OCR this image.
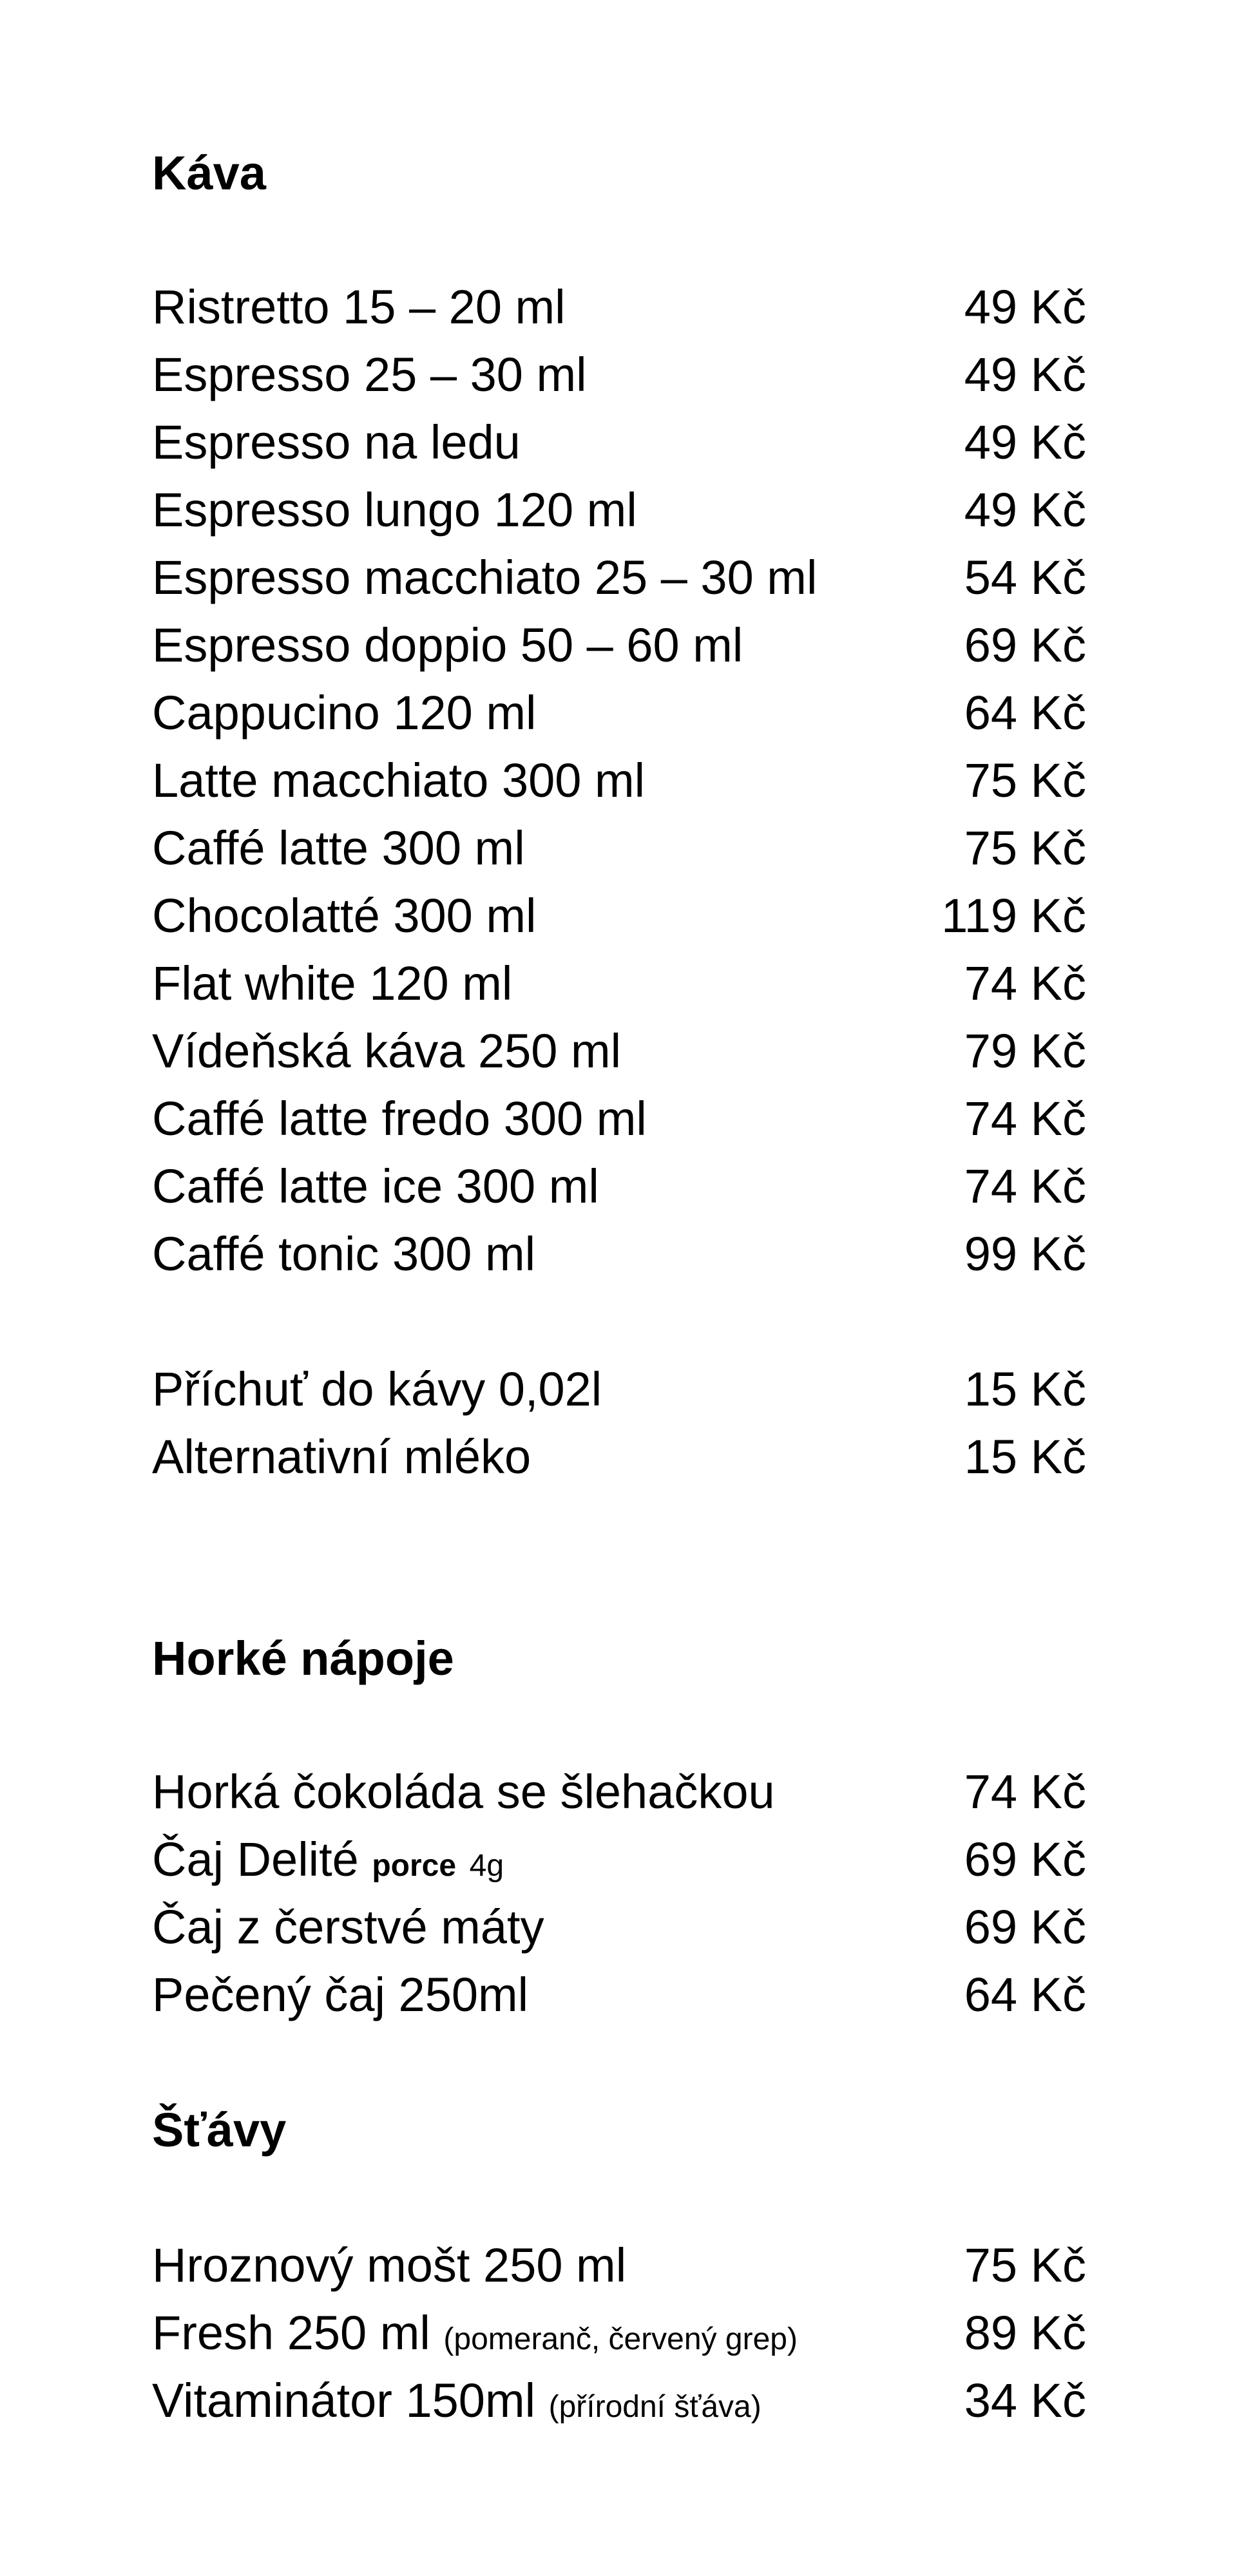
Káva
Ristretto 15 – 20 ml	49 Kč
Espresso 25 – 30 ml	49 Kč
Espresso na ledu	49 Kč
Espresso lungo 120 ml	49 Kč
Espresso macchiato 25 – 30 ml	54 Kč
Espresso doppio 50 – 60 ml	69 Kč
Cappucino 120 ml	64 Kč
Latte macchiato 300 ml	75 Kč
Caffé latte 300 ml	75 Kč
Chocolatté 300 ml	119 Kč
Flat white 120 ml	74 Kč
Vídeňská káva 250 ml	79 Kč
Caffé latte fredo 300 ml	74 Kč
Caffé latte ice 300 ml	74 Kč
Caffé tonic 300 ml	99 Kč
Příchuť do kávy 0,02l	15 Kč
Alternativní mléko	15 Kč
Horké nápoje
Horká čokoláda se šlehačkou	74 Kč
Čaj Delité porce 4g	69 Kč
Čaj z čerstvé máty	69 Kč
Pečený čaj 250ml	64 Kč
Šťávy
Hroznový mošt 250 ml	75 Kč
Fresh 250 ml (pomeranč, červený grep)	89 Kč
Vitaminátor 150ml (přírodní šťáva)	34 Kč
